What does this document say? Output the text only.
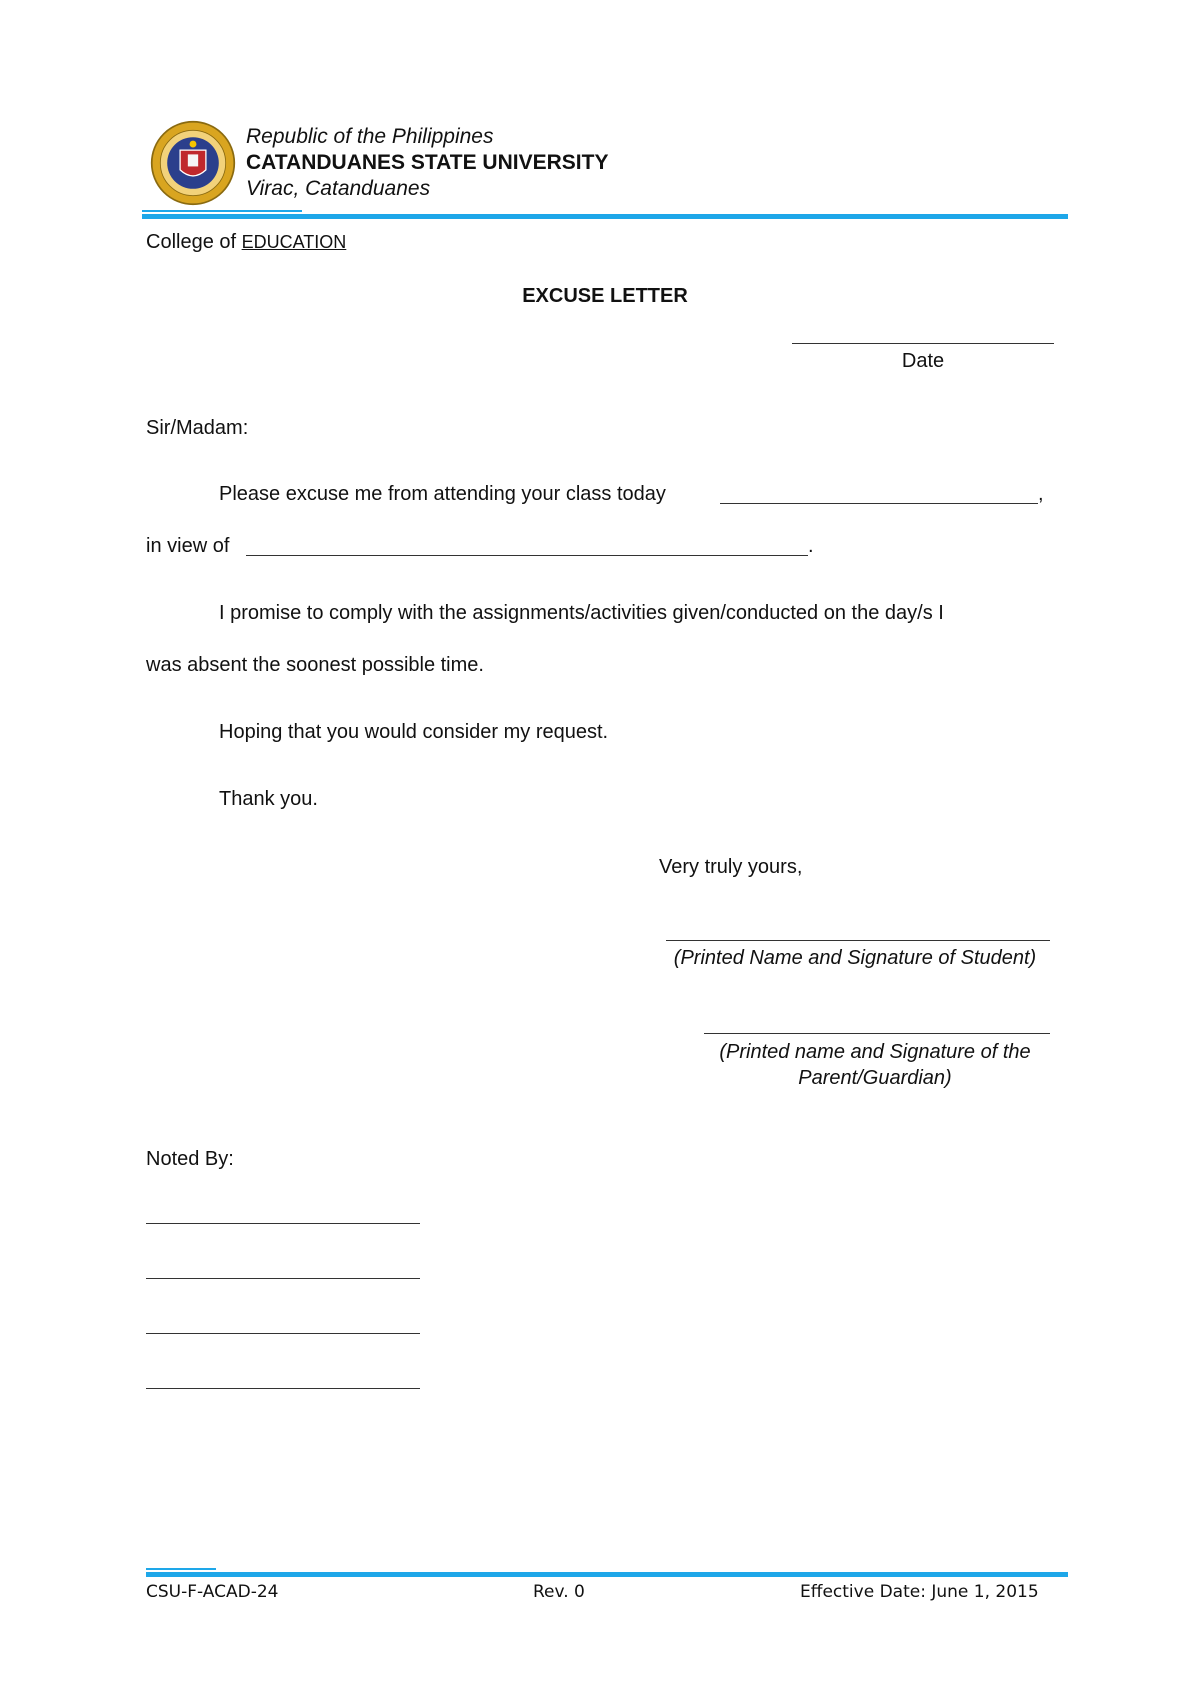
Republic of the Philippines
CATANDUANES STATE UNIVERSITY
Virac, Catanduanes
College of EDUCATION
EXCUSE LETTER
Date
Sir/Madam:
Please excuse me from attending your class today	,
in view of	.
I promise to comply with the assignments/activities given/conducted on the day/s I
was absent the soonest possible time.
Hoping that you would consider my request.
Thank you.
Very truly yours,
(Printed Name and Signature of Student)
(Printed name and Signature of the
Parent/Guardian)
Noted By:
CSU-F-ACAD-24	Rev. 0	Effective Date: June 1, 2015
